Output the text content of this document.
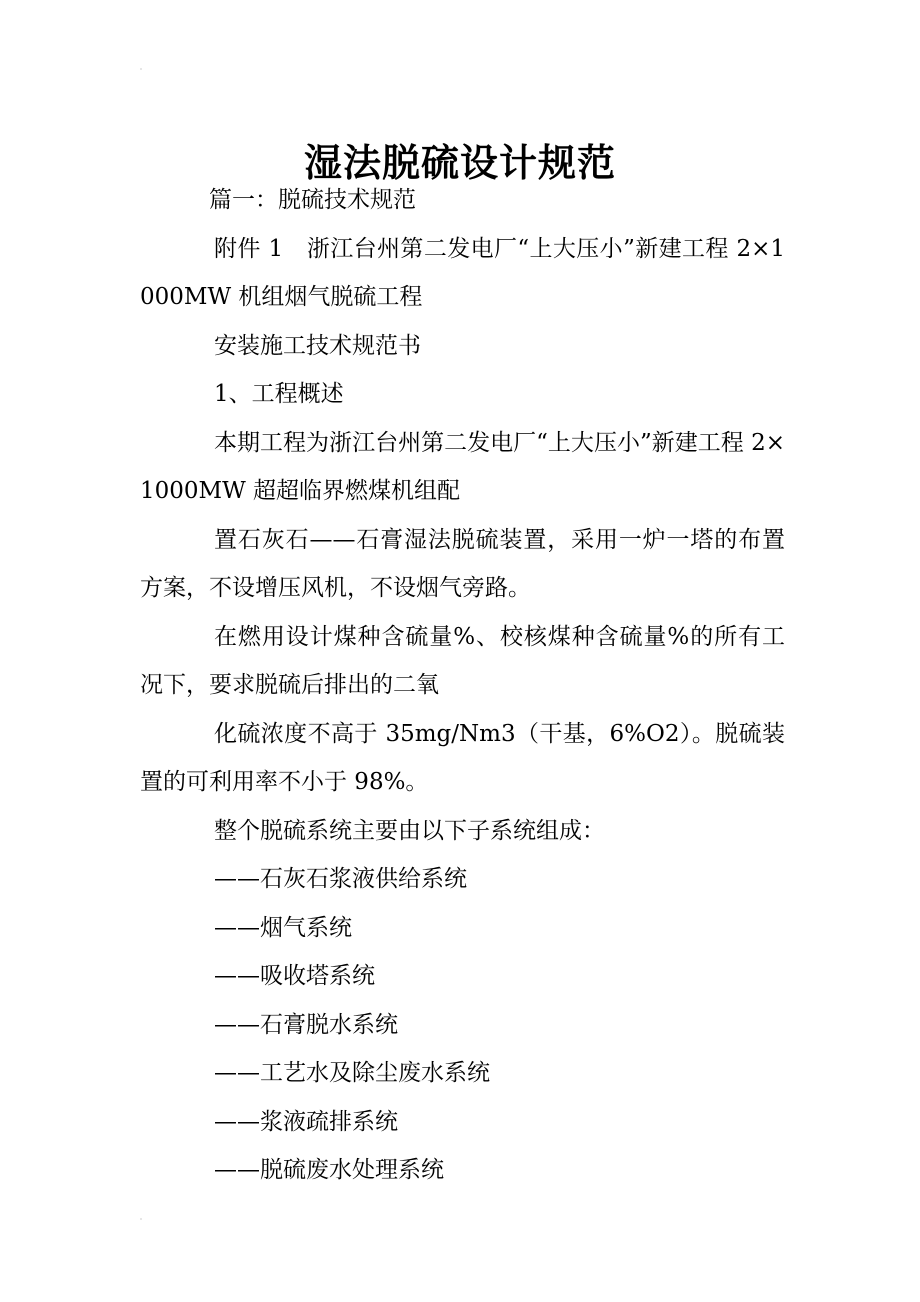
湿法脱硫设计规范

篇一：脱硫技术规范

附件 1　浙江台州第二发电厂“上大压小”新建工程 2×1000MW 机组烟气脱硫工程

安装施工技术规范书

1、工程概述

本期工程为浙江台州第二发电厂“上大压小”新建工程 2×1000MW 超超临界燃煤机组配

置石灰石——石膏湿法脱硫装置，采用一炉一塔的布置方案，不设增压风机，不设烟气旁路。

在燃用设计煤种含硫量%、校核煤种含硫量%的所有工况下，要求脱硫后排出的二氧

化硫浓度不高于 35mg/Nm3（干基，6%O2）。脱硫装置的可利用率不小于 98%。

整个脱硫系统主要由以下子系统组成：

——石灰石浆液供给系统

——烟气系统

——吸收塔系统

——石膏脱水系统

——工艺水及除尘废水系统

——浆液疏排系统

——脱硫废水处理系统
